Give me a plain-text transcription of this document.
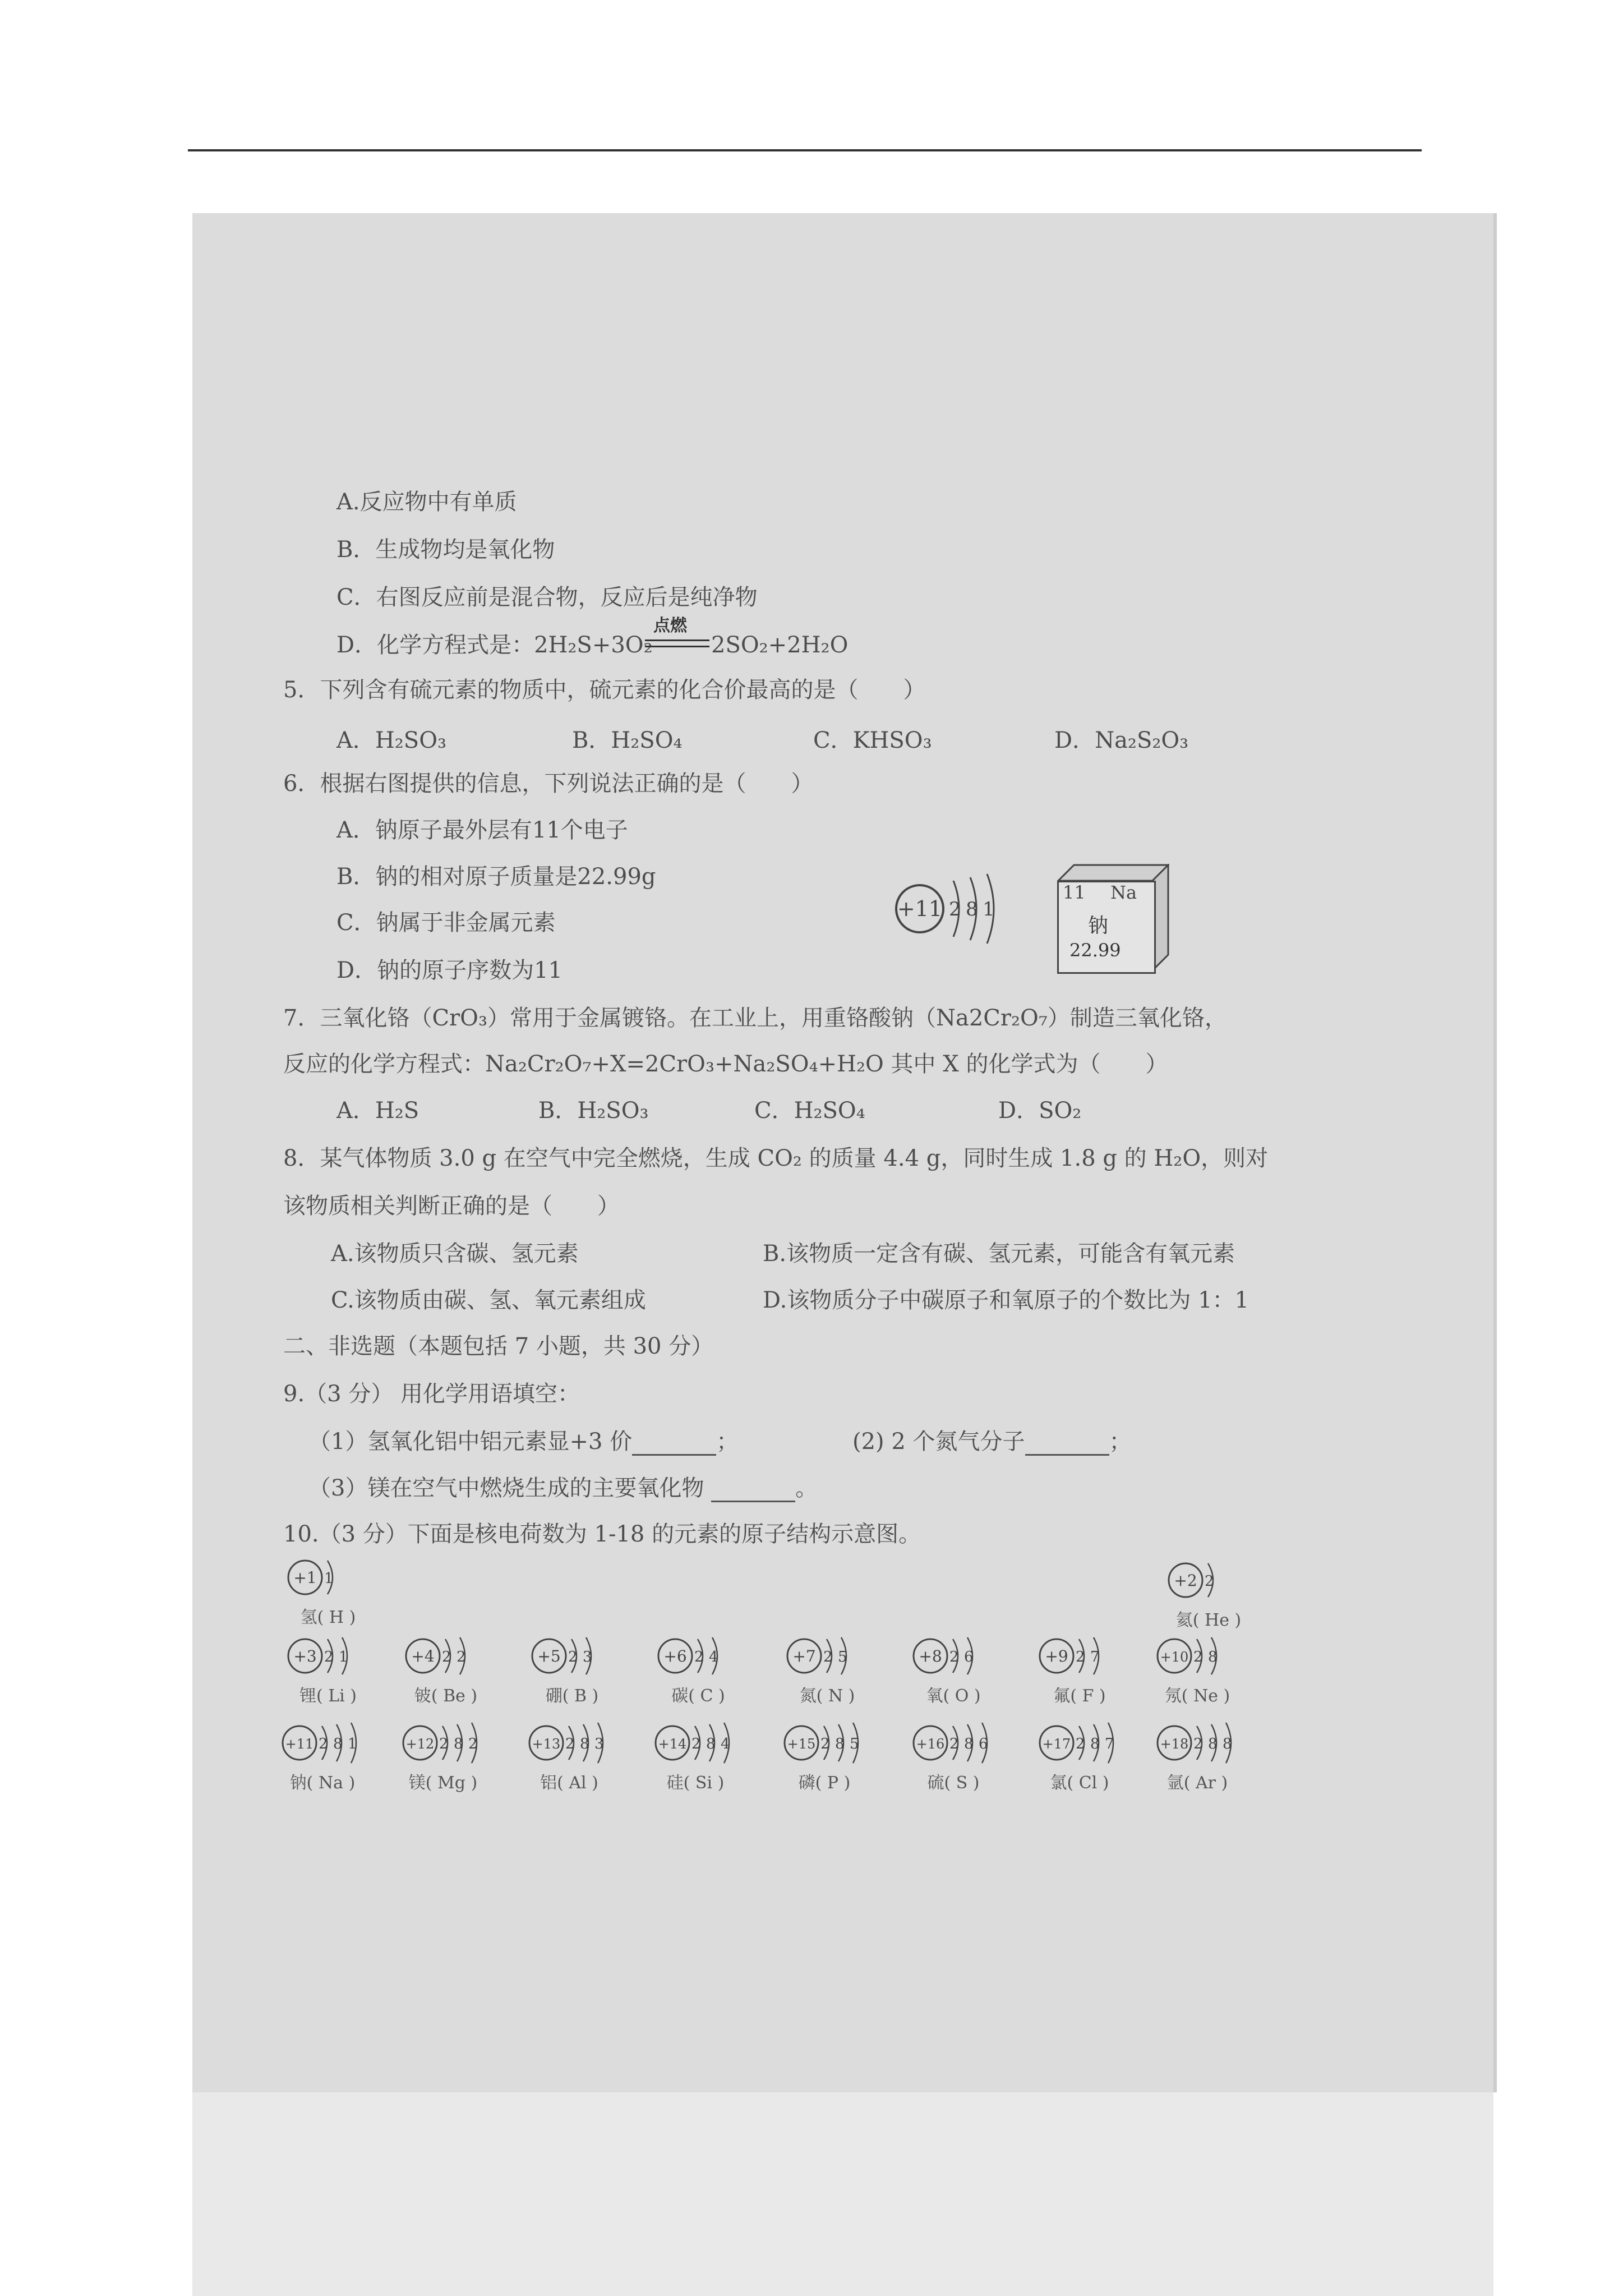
A.反应物中有单质
B．生成物均是氧化物
C．右图反应前是混合物，反应后是纯净物
D．化学方程式是：2H₂S+3O₂
点燃
2SO₂+2H₂O
5．下列含有硫元素的物质中，硫元素的化合价最高的是（　　）
A．H₂SO₃	B．H₂SO₄	C．KHSO₃	D．Na₂S₂O₃
6．根据右图提供的信息，下列说法正确的是（　　）
A．钠原子最外层有11个电子
B．钠的相对原子质量是22.99g
C．钠属于非金属元素
D．钠的原子序数为11
+11 2 8 1
11 Na
钠
22.99
7．三氧化铬（CrO₃）常用于金属镀铬。在工业上，用重铬酸钠（Na2Cr₂O₇）制造三氧化铬，
反应的化学方程式：Na₂Cr₂O₇+X=2CrO₃+Na₂SO₄+H₂O 其中 X 的化学式为（　　）
A．H₂S	B．H₂SO₃	C．H₂SO₄	D．SO₂
8．某气体物质 3.0 g 在空气中完全燃烧，生成 CO₂ 的质量 4.4 g，同时生成 1.8 g 的 H₂O，则对
该物质相关判断正确的是（　　）
A.该物质只含碳、氢元素	B.该物质一定含有碳、氢元素，可能含有氧元素
C.该物质由碳、氢、氧元素组成	D.该物质分子中碳原子和氧原子的个数比为 1：1
二、非选题（本题包括 7 小题，共 30 分）
9.（3 分） 用化学用语填空：
（1）氢氧化铝中铝元素显+3 价	；	(2) 2 个氮气分子	；
（3）镁在空气中燃烧生成的主要氧化物	。
10.（3 分）下面是核电荷数为 1-18 的元素的原子结构示意图。
+1 1
氢( H )
+2 2
氦( He )
+3 2 1
锂( Li )
+4 2 2
铍( Be )
+5 2 3
硼( B )
+6 2 4
碳( C )
+7 2 5
氮( N )
+8 2 6
氧( O )
+9 2 7
氟( F )
+10 2 8
氖( Ne )
+11 2 8 1
钠( Na )
+12 2 8 2
镁( Mg )
+13 2 8 3
铝( Al )
+14 2 8 4
硅( Si )
+15 2 8 5
磷( P )
+16 2 8 6
硫( S )
+17 2 8 7
氯( Cl )
+18 2 8 8
氩( Ar )
